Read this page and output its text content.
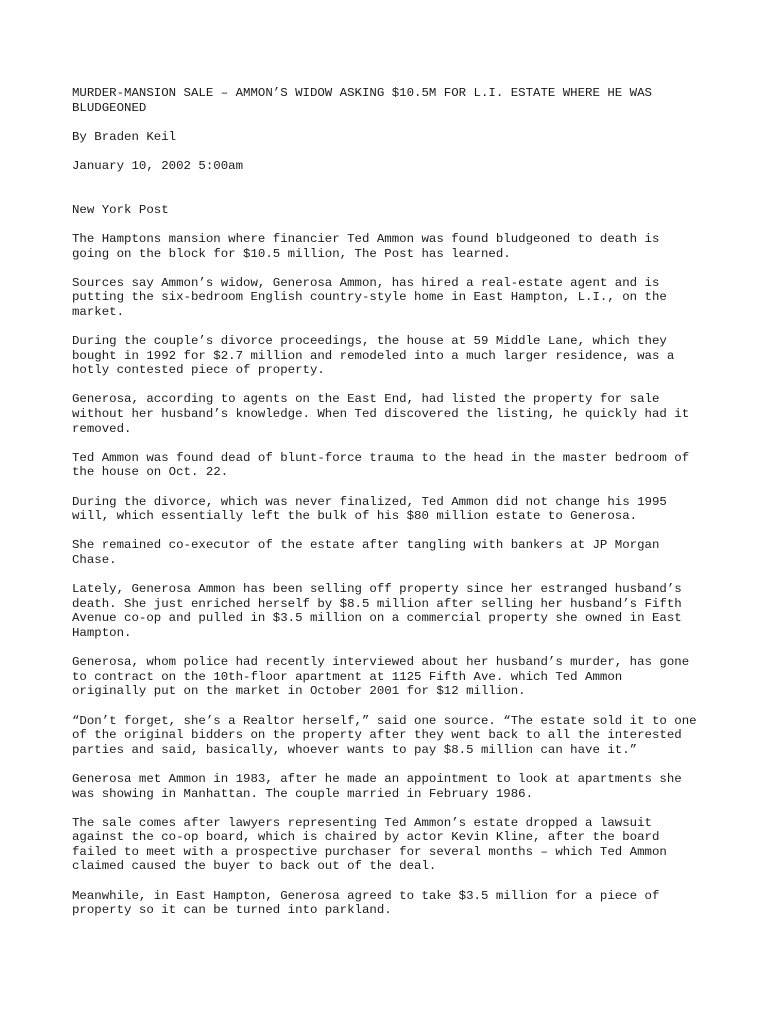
MURDER-MANSION SALE – AMMON’S WIDOW ASKING $10.5M FOR L.I. ESTATE WHERE HE WAS BLUDGEONED

By Braden Keil

January 10, 2002 5:00am

New York Post

The Hamptons mansion where financier Ted Ammon was found bludgeoned to death is going on the block for $10.5 million, The Post has learned.

Sources say Ammon’s widow, Generosa Ammon, has hired a real-estate agent and is putting the six-bedroom English country-style home in East Hampton, L.I., on the market.

During the couple’s divorce proceedings, the house at 59 Middle Lane, which they bought in 1992 for $2.7 million and remodeled into a much larger residence, was a hotly contested piece of property.

Generosa, according to agents on the East End, had listed the property for sale without her husband’s knowledge. When Ted discovered the listing, he quickly had it removed.

Ted Ammon was found dead of blunt-force trauma to the head in the master bedroom of the house on Oct. 22.

During the divorce, which was never finalized, Ted Ammon did not change his 1995 will, which essentially left the bulk of his $80 million estate to Generosa.

She remained co-executor of the estate after tangling with bankers at JP Morgan Chase.

Lately, Generosa Ammon has been selling off property since her estranged husband’s death. She just enriched herself by $8.5 million after selling her husband’s Fifth Avenue co-op and pulled in $3.5 million on a commercial property she owned in East Hampton.

Generosa, whom police had recently interviewed about her husband’s murder, has gone to contract on the 10th-floor apartment at 1125 Fifth Ave. which Ted Ammon originally put on the market in October 2001 for $12 million.

“Don’t forget, she’s a Realtor herself,” said one source. “The estate sold it to one of the original bidders on the property after they went back to all the interested parties and said, basically, whoever wants to pay $8.5 million can have it.”

Generosa met Ammon in 1983, after he made an appointment to look at apartments she was showing in Manhattan. The couple married in February 1986.

The sale comes after lawyers representing Ted Ammon’s estate dropped a lawsuit against the co-op board, which is chaired by actor Kevin Kline, after the board failed to meet with a prospective purchaser for several months – which Ted Ammon claimed caused the buyer to back out of the deal.

Meanwhile, in East Hampton, Generosa agreed to take $3.5 million for a piece of property so it can be turned into parkland.
